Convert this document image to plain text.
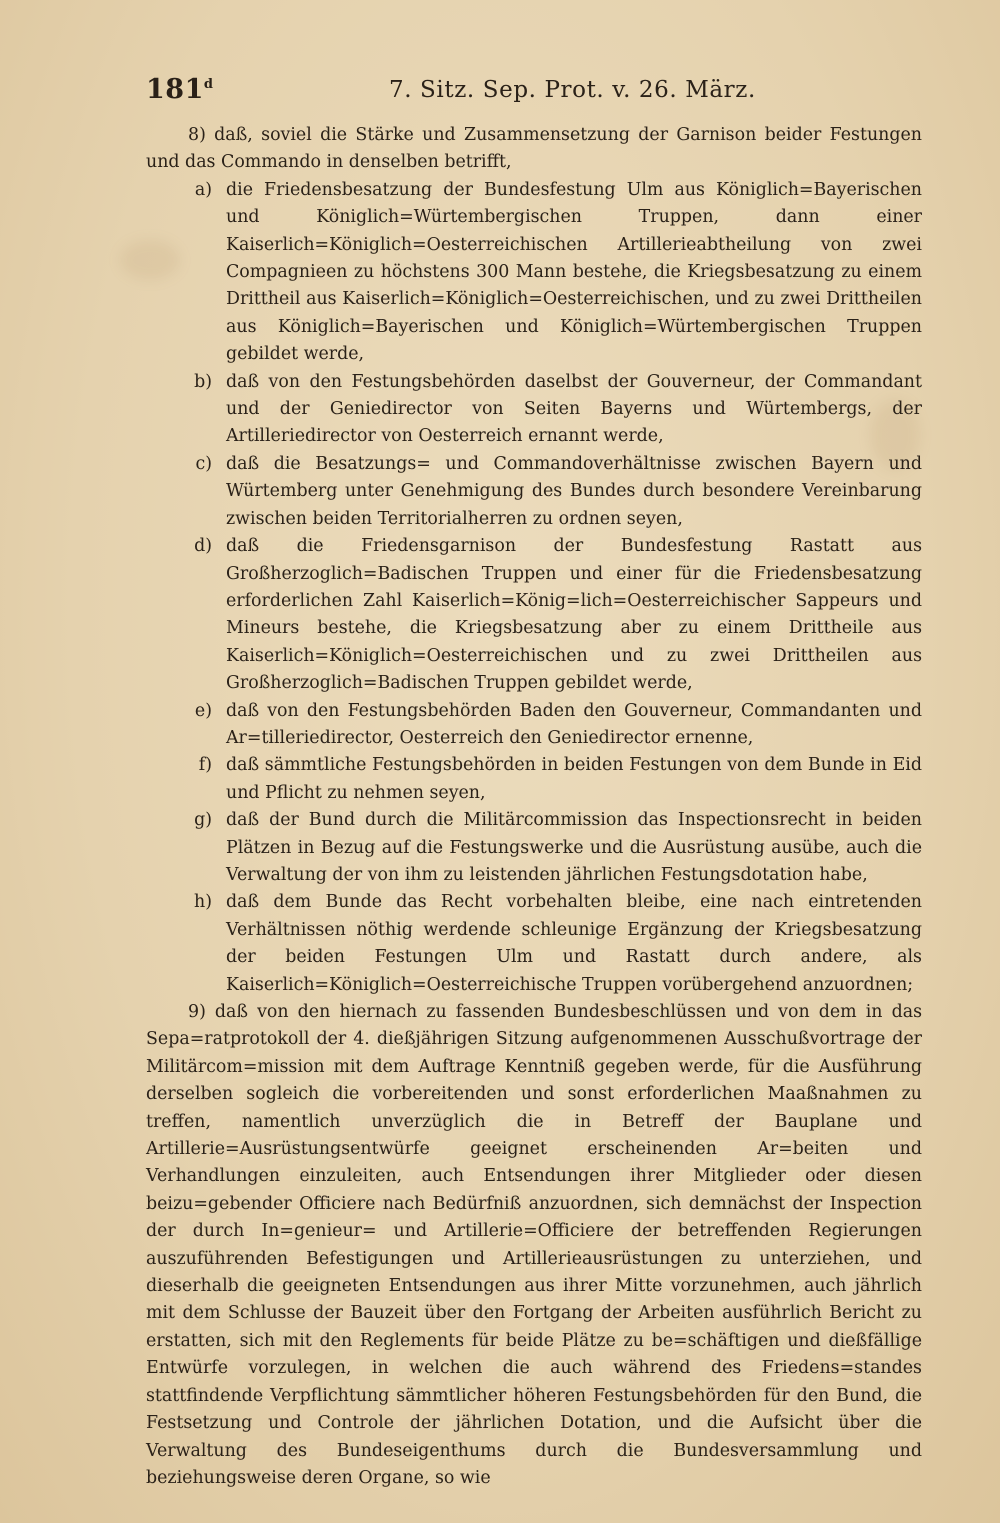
181$^d$	7. Sitz. Sep. Prot. v. 26. März.

8) daß, soviel die Stärke und Zusammensetzung der Garnison beider Festungen und das Commando in denselben betrifft,

a) die Friedensbesatzung der Bundesfestung Ulm aus Königlich=Bayerischen und Königlich=Würtembergischen Truppen, dann einer Kaiserlich=Königlich=Oesterreichischen Artillerieabtheilung von zwei Compagnieen zu höchstens 300 Mann bestehe, die Kriegsbesatzung zu einem Drittheil aus Kaiserlich=Königlich=Oesterreichischen, und zu zwei Drittheilen aus Königlich=Bayerischen und Königlich=Würtembergischen Truppen gebildet werde,
b) daß von den Festungsbehörden daselbst der Gouverneur, der Commandant und der Geniedirector von Seiten Bayerns und Würtembergs, der Artilleriedirector von Oesterreich ernannt werde,
c) daß die Besatzungs= und Commandoverhältnisse zwischen Bayern und Würtemberg unter Genehmigung des Bundes durch besondere Vereinbarung zwischen beiden Territorialherren zu ordnen seyen,
d) daß die Friedensgarnison der Bundesfestung Rastatt aus Großherzoglich=Badischen Truppen und einer für die Friedensbesatzung erforderlichen Zahl Kaiserlich=König=lich=Oesterreichischer Sappeurs und Mineurs bestehe, die Kriegsbesatzung aber zu einem Drittheile aus Kaiserlich=Königlich=Oesterreichischen und zu zwei Drittheilen aus Großherzoglich=Badischen Truppen gebildet werde,
e) daß von den Festungsbehörden Baden den Gouverneur, Commandanten und Ar=tilleriedirector, Oesterreich den Geniedirector ernenne,
f) daß sämmtliche Festungsbehörden in beiden Festungen von dem Bunde in Eid und Pflicht zu nehmen seyen,
g) daß der Bund durch die Militärcommission das Inspectionsrecht in beiden Plätzen in Bezug auf die Festungswerke und die Ausrüstung ausübe, auch die Verwaltung der von ihm zu leistenden jährlichen Festungsdotation habe,
h) daß dem Bunde das Recht vorbehalten bleibe, eine nach eintretenden Verhältnissen nöthig werdende schleunige Ergänzung der Kriegsbesatzung der beiden Festungen Ulm und Rastatt durch andere, als Kaiserlich=Königlich=Oesterreichische Truppen vorübergehend anzuordnen;

9) daß von den hiernach zu fassenden Bundesbeschlüssen und von dem in das Sepa=ratprotokoll der 4. dießjährigen Sitzung aufgenommenen Ausschußvortrage der Militärcom=mission mit dem Auftrage Kenntniß gegeben werde, für die Ausführung derselben sogleich die vorbereitenden und sonst erforderlichen Maaßnahmen zu treffen, namentlich unverzüglich die in Betreff der Bauplane und Artillerie=Ausrüstungsentwürfe geeignet erscheinenden Ar=beiten und Verhandlungen einzuleiten, auch Entsendungen ihrer Mitglieder oder diesen beizu=gebender Officiere nach Bedürfniß anzuordnen, sich demnächst der Inspection der durch In=genieur= und Artillerie=Officiere der betreffenden Regierungen auszuführenden Befestigungen und Artillerieausrüstungen zu unterziehen, und dieserhalb die geeigneten Entsendungen aus ihrer Mitte vorzunehmen, auch jährlich mit dem Schlusse der Bauzeit über den Fortgang der Arbeiten ausführlich Bericht zu erstatten, sich mit den Reglements für beide Plätze zu be=schäftigen und dießfällige Entwürfe vorzulegen, in welchen die auch während des Friedens=standes stattfindende Verpflichtung sämmtlicher höheren Festungsbehörden für den Bund, die Festsetzung und Controle der jährlichen Dotation, und die Aufsicht über die Verwaltung des Bundeseigenthums durch die Bundesversammlung und beziehungsweise deren Organe, so wie
